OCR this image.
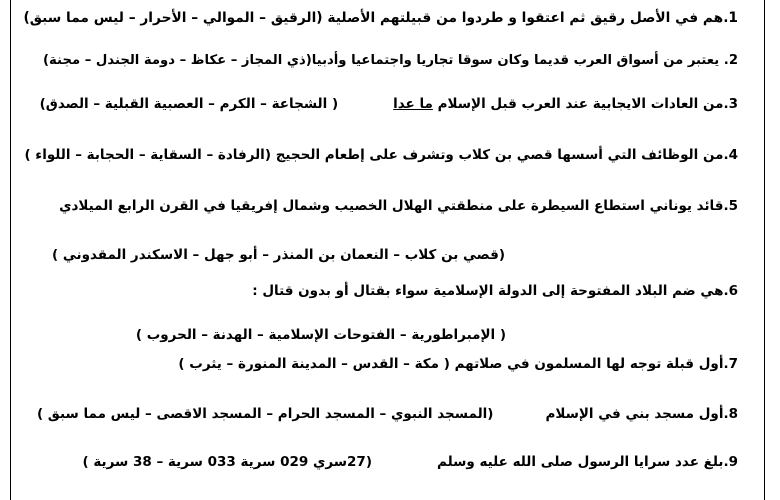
1.هم في الأصل رقيق ثم اعتقوا و طردوا من قبيلتهم الأصلية (الرقيق – الموالي – الأحرار – ليس مما سبق)
2. يعتبر من أسواق العرب قديما وكان سوقا تجاريا واجتماعيا وأدبيا(ذي المجاز – عكاظ – دومة الجندل – مجنة)
3.من العادات الايجابية عند العرب قبل الإسلام ما عدا( الشجاعة – الكرم – العصبية القبلية – الصدق)
4.من الوظائف التي أسسها قصي بن كلاب وتشرف على إطعام الحجيج (الرفادة – السقاية – الحجابة – اللواء )
5.قائد يوناني استطاع السيطرة على منطقتي الهلال الخصيب وشمال إفريقيا في القرن الرابع الميلادي
(قصي بن كلاب – النعمان بن المنذر – أبو جهل – الاسكندر المقدوني )
6.هي ضم البلاد المفتوحة إلى الدولة الإسلامية سواء بقتال أو بدون قتال :
( الإمبراطورية – الفتوحات الإسلامية – الهدنة – الحروب )
7.أول قبلة توجه لها المسلمون في صلاتهم ( مكة – القدس – المدينة المنورة – يثرب )
8.أول مسجد بني في الإسلام(المسجد النبوي – المسجد الحرام – المسجد الاقصى – ليس مما سبق )
9.بلغ عدد سرايا الرسول صلى الله عليه وسلم(27سري 029 سرية 033 سرية – 38 سرية )
